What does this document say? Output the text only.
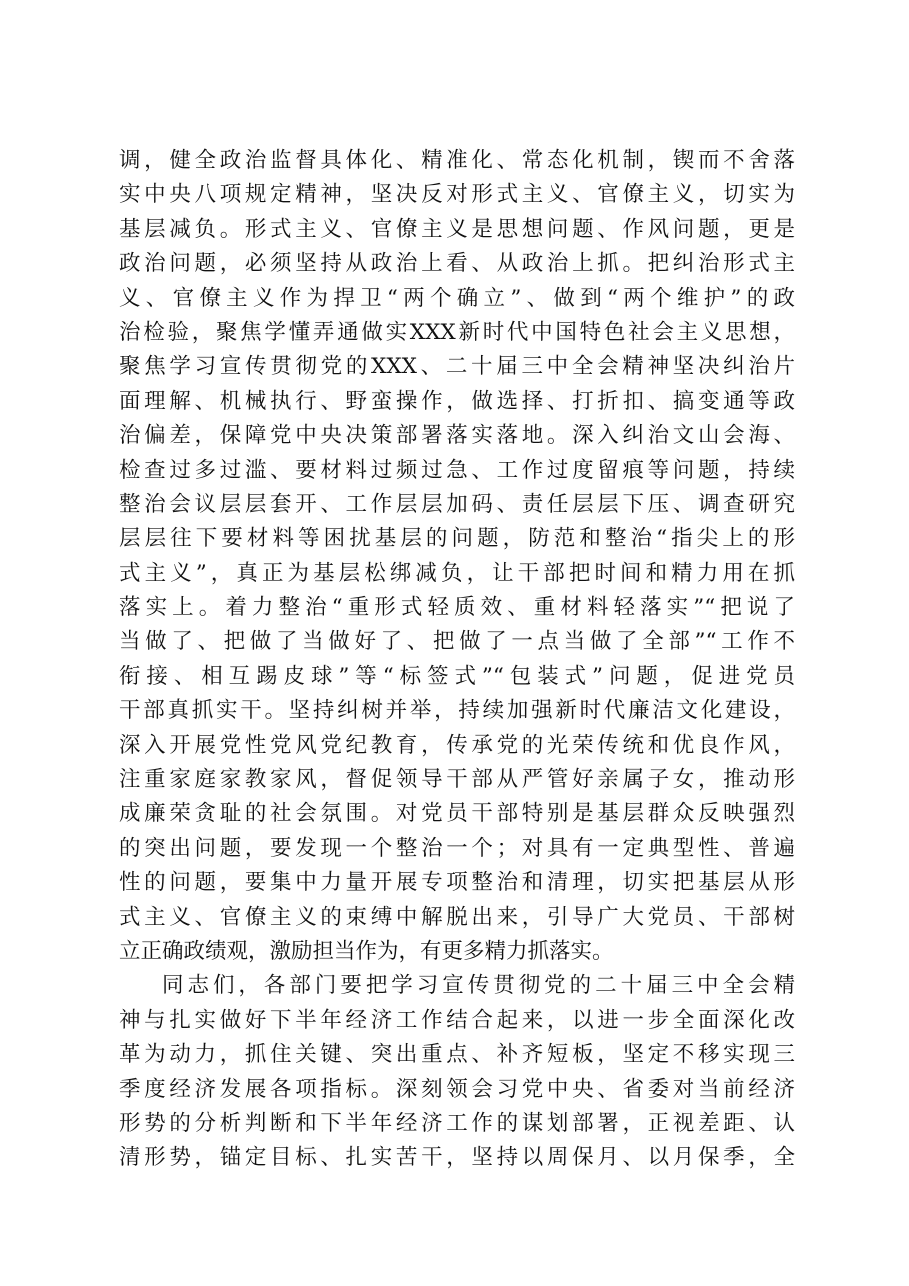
调，健全政治监督具体化、精准化、常态化机制，锲而不舍落
实中央八项规定精神，坚决反对形式主义、官僚主义，切实为
基层减负。形式主义、官僚主义是思想问题、作风问题，更是
政治问题，必须坚持从政治上看、从政治上抓。把纠治形式主
义、官僚主义作为捍卫“两个确立”、做到“两个维护”的政
治检验，聚焦学懂弄通做实XXX新时代中国特色社会主义思想，
聚焦学习宣传贯彻党的XXX、二十届三中全会精神坚决纠治片
面理解、机械执行、野蛮操作，做选择、打折扣、搞变通等政
治偏差，保障党中央决策部署落实落地。深入纠治文山会海、
检查过多过滥、要材料过频过急、工作过度留痕等问题，持续
整治会议层层套开、工作层层加码、责任层层下压、调查研究
层层往下要材料等困扰基层的问题，防范和整治“指尖上的形
式主义”，真正为基层松绑减负，让干部把时间和精力用在抓
落实上。着力整治“重形式轻质效、重材料轻落实”“把说了
当做了、把做了当做好了、把做了一点当做了全部”“工作不
衔接、相互踢皮球”等“标签式”“包装式”问题，促进党员
干部真抓实干。坚持纠树并举，持续加强新时代廉洁文化建设，
深入开展党性党风党纪教育，传承党的光荣传统和优良作风，
注重家庭家教家风，督促领导干部从严管好亲属子女，推动形
成廉荣贪耻的社会氛围。对党员干部特别是基层群众反映强烈
的突出问题，要发现一个整治一个；对具有一定典型性、普遍
性的问题，要集中力量开展专项整治和清理，切实把基层从形
式主义、官僚主义的束缚中解脱出来，引导广大党员、干部树
立正确政绩观，激励担当作为，有更多精力抓落实。
同志们，各部门要把学习宣传贯彻党的二十届三中全会精
神与扎实做好下半年经济工作结合起来，以进一步全面深化改
革为动力，抓住关键、突出重点、补齐短板，坚定不移实现三
季度经济发展各项指标。深刻领会习党中央、省委对当前经济
形势的分析判断和下半年经济工作的谋划部署，正视差距、认
清形势，锚定目标、扎实苦干，坚持以周保月、以月保季，全
